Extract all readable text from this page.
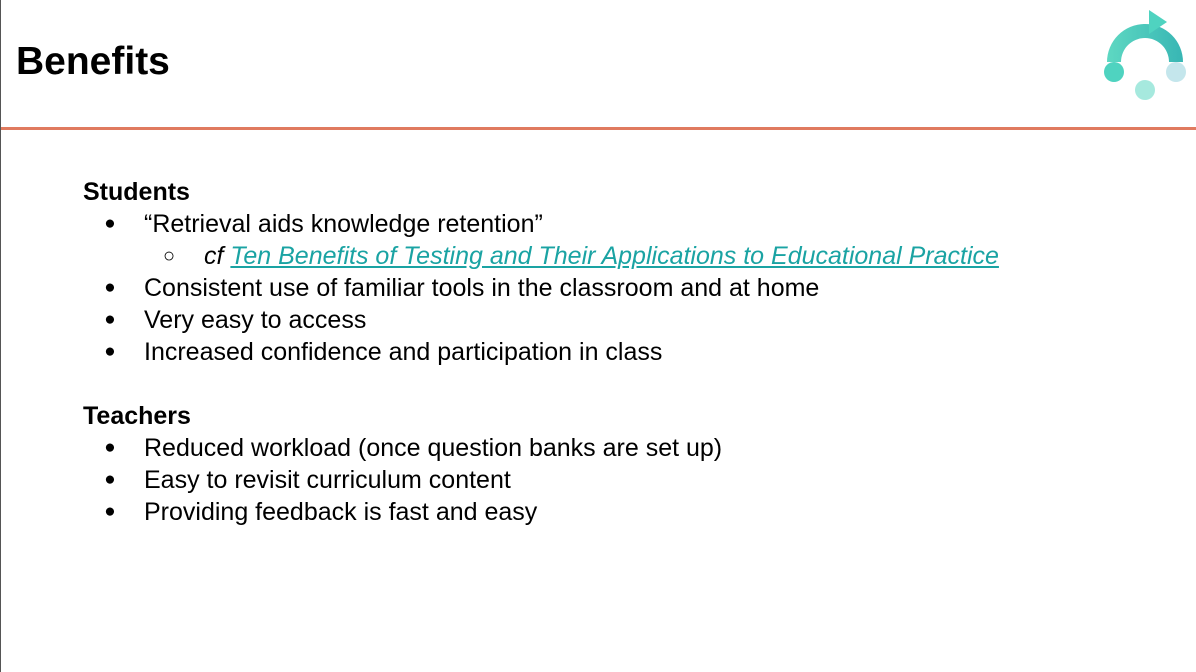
Benefits
Students
● “Retrieval aids knowledge retention”
○ cf Ten Benefits of Testing and Their Applications to Educational Practice
● Consistent use of familiar tools in the classroom and at home
● Very easy to access
● Increased confidence and participation in class
Teachers
● Reduced workload (once question banks are set up)
● Easy to revisit curriculum content
● Providing feedback is fast and easy
